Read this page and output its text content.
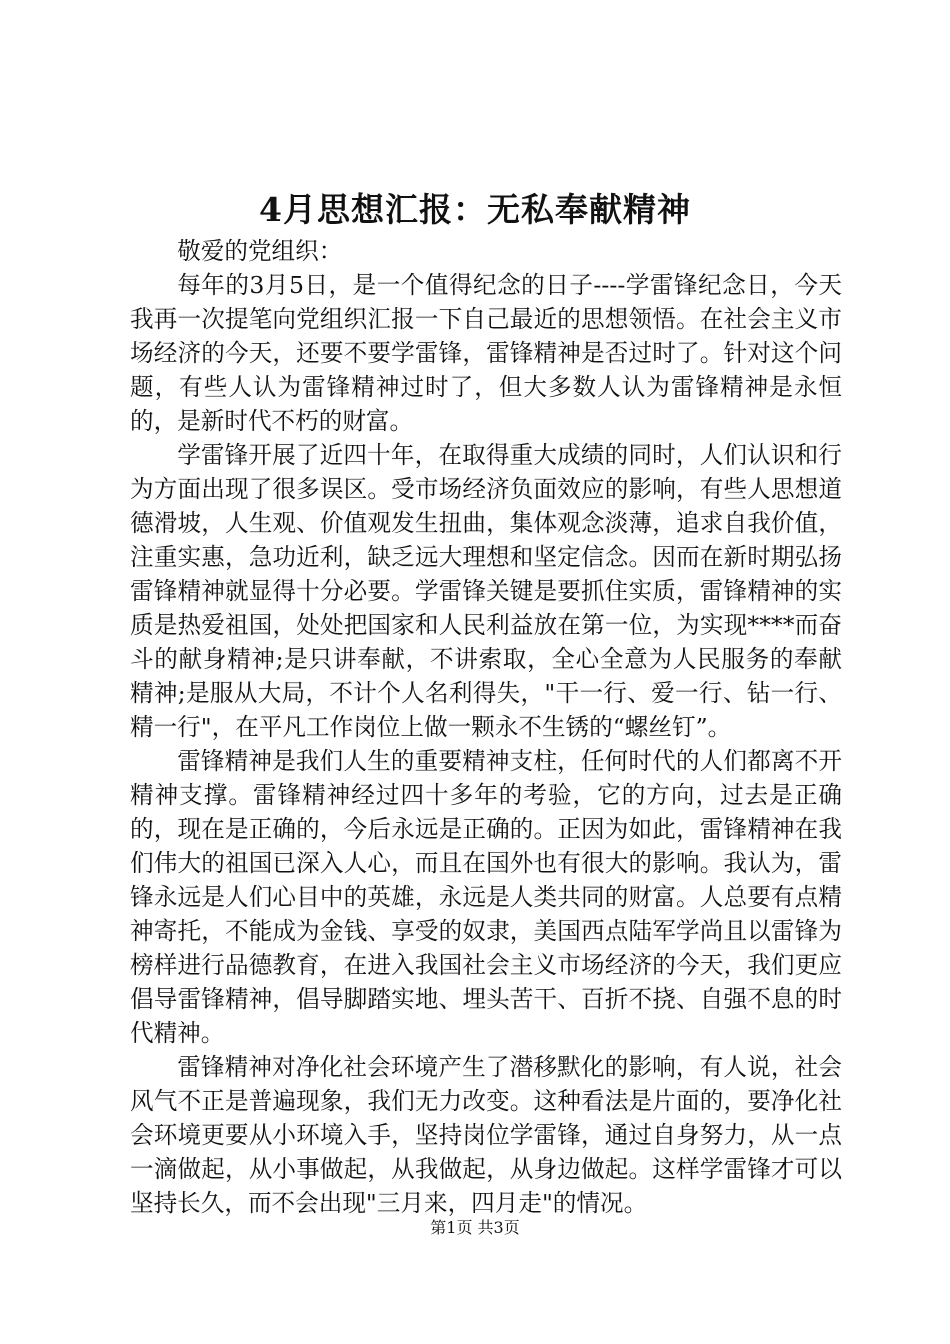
4月思想汇报：无私奉献精神

敬爱的党组织：

每年的3月5日，是一个值得纪念的日子----学雷锋纪念日，今天我再一次提笔向党组织汇报一下自己最近的思想领悟。在社会主义市场经济的今天，还要不要学雷锋，雷锋精神是否过时了。针对这个问题，有些人认为雷锋精神过时了，但大多数人认为雷锋精神是永恒的，是新时代不朽的财富。

学雷锋开展了近四十年，在取得重大成绩的同时，人们认识和行为方面出现了很多误区。受市场经济负面效应的影响，有些人思想道德滑坡，人生观、价值观发生扭曲，集体观念淡薄，追求自我价值，注重实惠，急功近利，缺乏远大理想和坚定信念。因而在新时期弘扬雷锋精神就显得十分必要。学雷锋关键是要抓住实质，雷锋精神的实质是热爱祖国，处处把国家和人民利益放在第一位，为实现****而奋斗的献身精神;是只讲奉献，不讲索取，全心全意为人民服务的奉献精神;是服从大局，不计个人名利得失，"干一行、爱一行、钻一行、精一行"，在平凡工作岗位上做一颗永不生锈的“螺丝钉”。

雷锋精神是我们人生的重要精神支柱，任何时代的人们都离不开精神支撑。雷锋精神经过四十多年的考验，它的方向，过去是正确的，现在是正确的，今后永远是正确的。正因为如此，雷锋精神在我们伟大的祖国已深入人心，而且在国外也有很大的影响。我认为，雷锋永远是人们心目中的英雄，永远是人类共同的财富。人总要有点精神寄托，不能成为金钱、享受的奴隶，美国西点陆军学尚且以雷锋为榜样进行品德教育，在进入我国社会主义市场经济的今天，我们更应倡导雷锋精神，倡导脚踏实地、埋头苦干、百折不挠、自强不息的时代精神。

雷锋精神对净化社会环境产生了潜移默化的影响，有人说，社会风气不正是普遍现象，我们无力改变。这种看法是片面的，要净化社会环境更要从小环境入手，坚持岗位学雷锋，通过自身努力，从一点一滴做起，从小事做起，从我做起，从身边做起。这样学雷锋才可以坚持长久，而不会出现"三月来，四月走"的情况。

第1页 共3页
